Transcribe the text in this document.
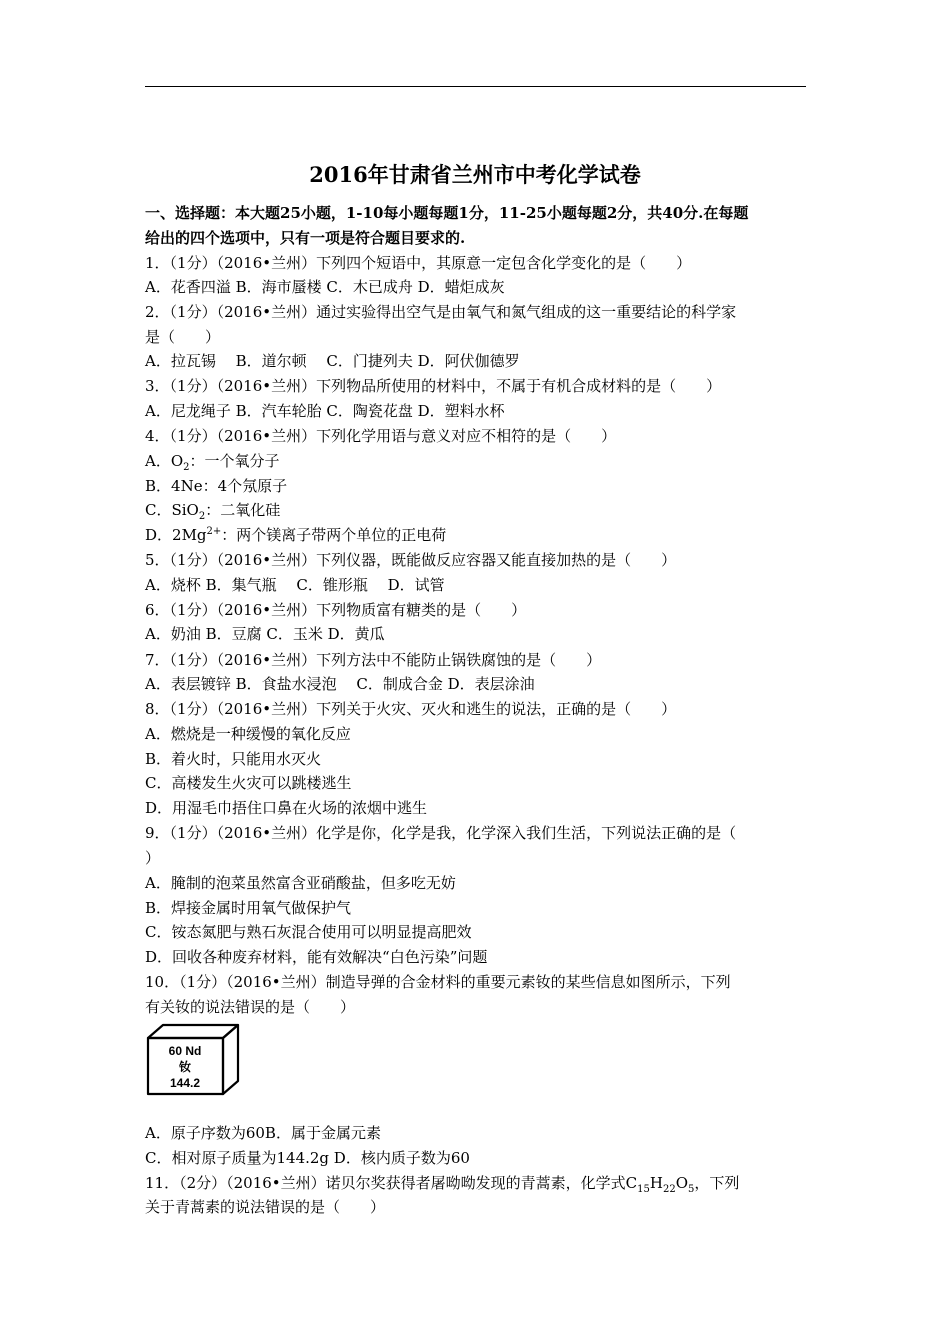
2016年甘肃省兰州市中考化学试卷
一、选择题：本大题25小题，1-10每小题每题1分，11-25小题每题2分，共40分.在每题
给出的四个选项中，只有一项是符合题目要求的.
1．（1分）（2016•兰州）下列四个短语中，其原意一定包含化学变化的是（　　）
A．花香四溢 B．海市蜃楼 C．木已成舟 D．蜡炬成灰
2．（1分）（2016•兰州）通过实验得出空气是由氧气和氮气组成的这一重要结论的科学家
是（　　）
A．拉瓦锡　 B．道尔顿　 C．门捷列夫 D．阿伏伽德罗
3．（1分）（2016•兰州）下列物品所使用的材料中，不属于有机合成材料的是（　　）
A．尼龙绳子 B．汽车轮胎 C．陶瓷花盘 D．塑料水杯
4．（1分）（2016•兰州）下列化学用语与意义对应不相符的是（　　）
A．$O_2$：一个氧分子
B．4Ne：4个氖原子
C．SiO$_2$：二氧化硅
D．$2Mg^{2+}$：两个镁离子带两个单位的正电荷
5．（1分）（2016•兰州）下列仪器，既能做反应容器又能直接加热的是（　　）
A．烧杯 B．集气瓶　 C．锥形瓶　 D．试管
6．（1分）（2016•兰州）下列物质富有糖类的是（　　）
A．奶油 B．豆腐 C．玉米 D．黄瓜
7．（1分）（2016•兰州）下列方法中不能防止锅铁腐蚀的是（　　）
A．表层镀锌 B．食盐水浸泡　 C．制成合金 D．表层涂油
8．（1分）（2016•兰州）下列关于火灾、灭火和逃生的说法，正确的是（　　）
A．燃烧是一种缓慢的氧化反应
B．着火时，只能用水灭火
C．高楼发生火灾可以跳楼逃生
D．用湿毛巾捂住口鼻在火场的浓烟中逃生
9．（1分）（2016•兰州）化学是你，化学是我，化学深入我们生活，下列说法正确的是（
）
A．腌制的泡菜虽然富含亚硝酸盐，但多吃无妨
B．焊接金属时用氧气做保护气
C．铵态氮肥与熟石灰混合使用可以明显提高肥效
D．回收各种废弃材料，能有效解决“白色污染”问题
10．（1分）（2016•兰州）制造导弹的合金材料的重要元素钕的某些信息如图所示，下列
有关钕的说法错误的是（　　）
60 Nd
钕
144.2
A．原子序数为60B．属于金属元素
C．相对原子质量为144.2g D．核内质子数为60
11．（2分）（2016•兰州）诺贝尔奖获得者屠呦呦发现的青蒿素，化学式$C_{15}H_{22}O_5$，下列
关于青蒿素的说法错误的是（　　）
